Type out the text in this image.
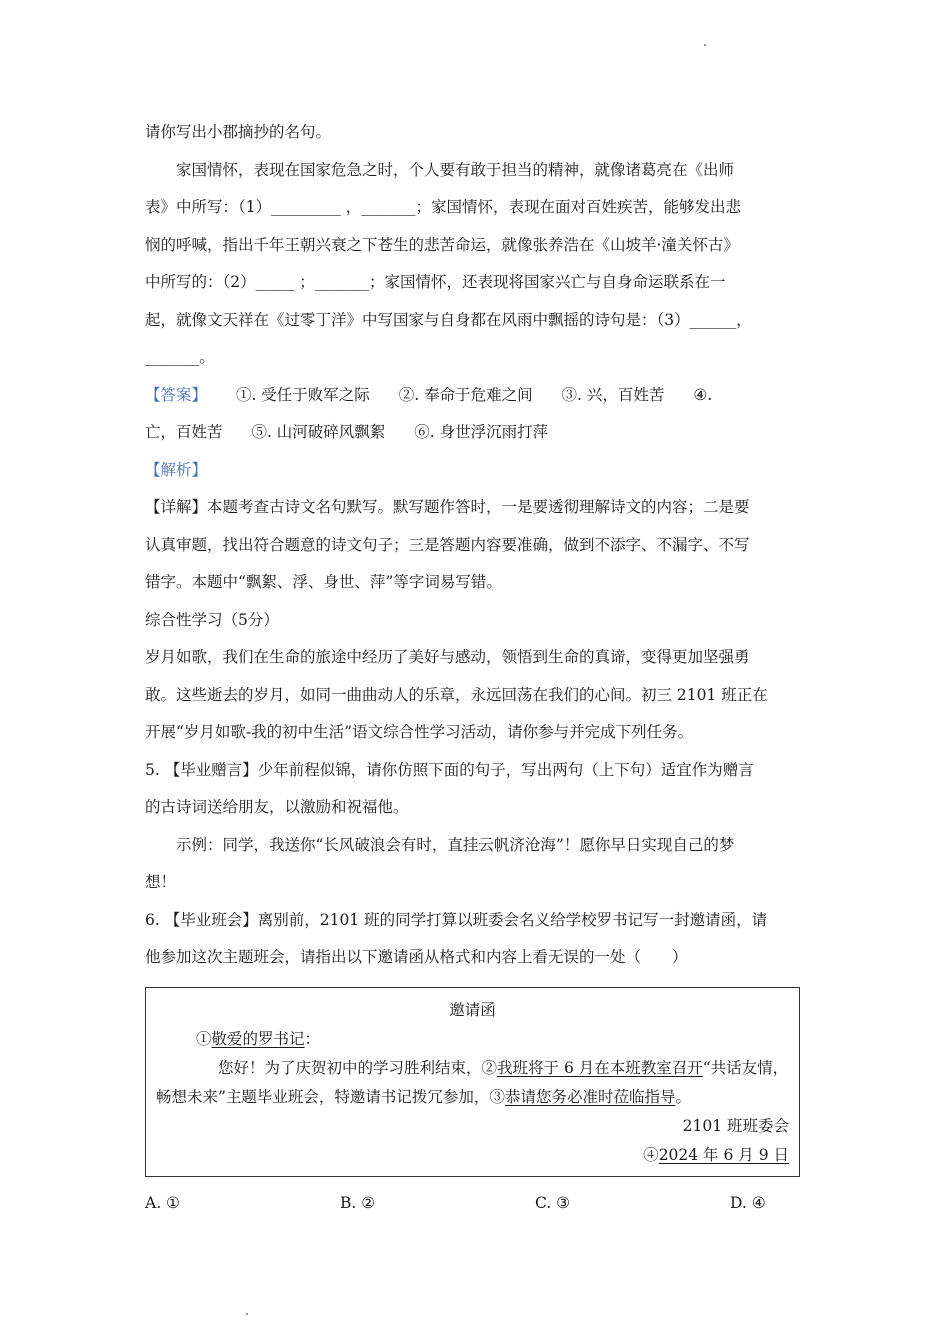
请你写出小郡摘抄的名句。

家国情怀，表现在国家危急之时，个人要有敢于担当的精神，就像诸葛亮在《出师

表》中所写：（1）_________ ，_______；家国情怀，表现在面对百姓疾苦，能够发出悲

悯的呼喊，指出千年王朝兴衰之下苍生的悲苦命运，就像张养浩在《山坡羊·潼关怀古》

中所写的：（2）_____ ；_______；家国情怀，还表现将国家兴亡与自身命运联系在一

起，就像文天祥在《过零丁洋》中写国家与自身都在风雨中飘摇的诗句是：（3）______，

_______。

【答案】 ①. 受任于败军之际 ②. 奉命于危难之间 ③. 兴，百姓苦 ④.

亡，百姓苦 ⑤. 山河破碎风飘絮 ⑥. 身世浮沉雨打萍

【解析】

【详解】本题考查古诗文名句默写。默写题作答时，一是要透彻理解诗文的内容；二是要

认真审题，找出符合题意的诗文句子；三是答题内容要准确，做到不添字、不漏字、不写

错字。本题中“飘絮、浮、身世、萍”等字词易写错。

综合性学习（5分）

岁月如歌，我们在生命的旅途中经历了美好与感动，领悟到生命的真谛，变得更加坚强勇

敢。这些逝去的岁月，如同一曲曲动人的乐章，永远回荡在我们的心间。初三 2101 班正在

开展“岁月如歌-我的初中生活”语文综合性学习活动，请你参与并完成下列任务。

5. 【毕业赠言】少年前程似锦，请你仿照下面的句子，写出两句（上下句）适宜作为赠言

的古诗词送给朋友，以激励和祝福他。

示例：同学，我送你“长风破浪会有时，直挂云帆济沧海”！愿你早日实现自己的梦

想！

6. 【毕业班会】离别前，2101 班的同学打算以班委会名义给学校罗书记写一封邀请函，请

他参加这次主题班会，请指出以下邀请函从格式和内容上看无误的一处（　　）

邀请函

①敬爱的罗书记：

您好！为了庆贺初中的学习胜利结束，②我班将于 6 月在本班教室召开“共话友情，

畅想未来”主题毕业班会，特邀请书记拨冗参加，③恭请您务必准时莅临指导。

2101 班班委会

④2024 年 6 月 9 日

A. ①	B. ②	C. ③	D. ④
